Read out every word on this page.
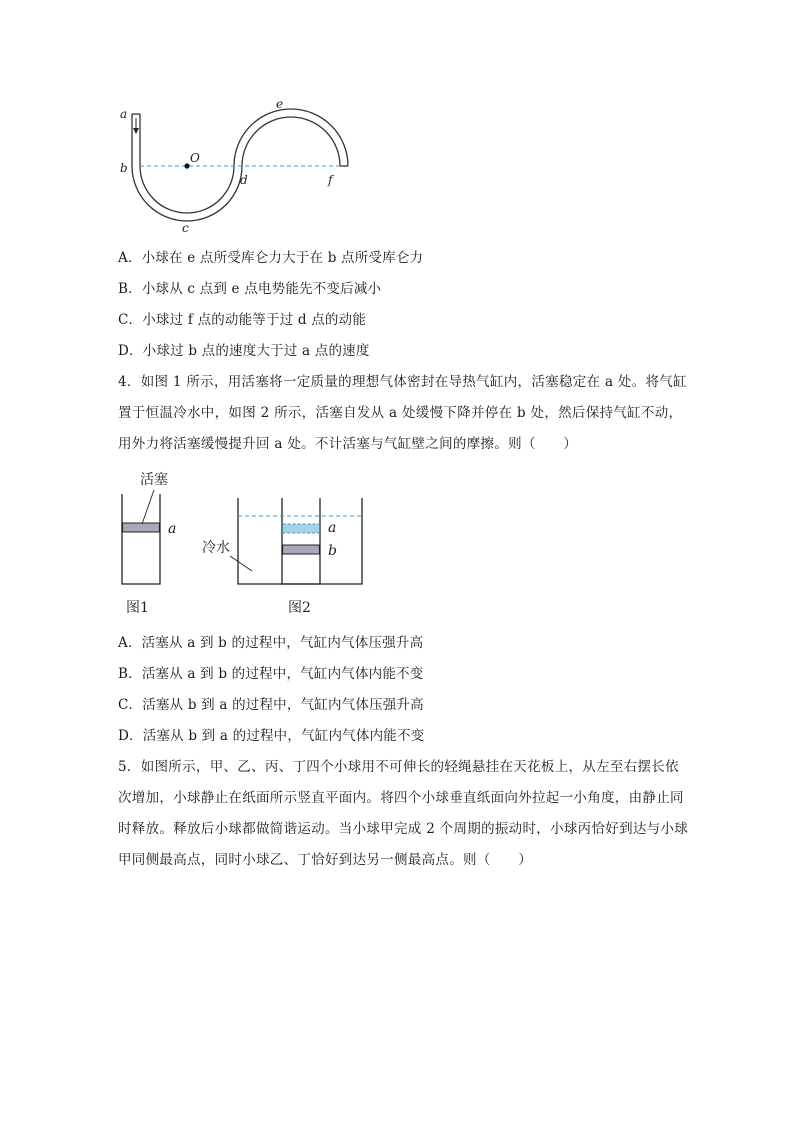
a
b
c
d
e
f
O
A．小球在 e 点所受库仑力大于在 b 点所受库仑力
B．小球从 c 点到 e 点电势能先不变后减小
C．小球过 f 点的动能等于过 d 点的动能
D．小球过 b 点的速度大于过 a 点的速度
4．如图 1 所示，用活塞将一定质量的理想气体密封在导热气缸内，活塞稳定在 a 处。将气缸置于恒温冷水中，如图 2 所示，活塞自发从 a 处缓慢下降并停在 b 处，然后保持气缸不动，用外力将活塞缓慢提升回 a 处。不计活塞与气缸壁之间的摩擦。则（　　）
活塞
冷水
图1	图2
a	a
b
A．活塞从 a 到 b 的过程中，气缸内气体压强升高
B．活塞从 a 到 b 的过程中，气缸内气体内能不变
C．活塞从 b 到 a 的过程中，气缸内气体压强升高
D．活塞从 b 到 a 的过程中，气缸内气体内能不变
5．如图所示，甲、乙、丙、丁四个小球用不可伸长的轻绳悬挂在天花板上，从左至右摆长依次增加，小球静止在纸面所示竖直平面内。将四个小球垂直纸面向外拉起一小角度，由静止同时释放。释放后小球都做简谐运动。当小球甲完成 2 个周期的振动时，小球丙恰好到达与小球甲同侧最高点，同时小球乙、丁恰好到达另一侧最高点。则（　　）
